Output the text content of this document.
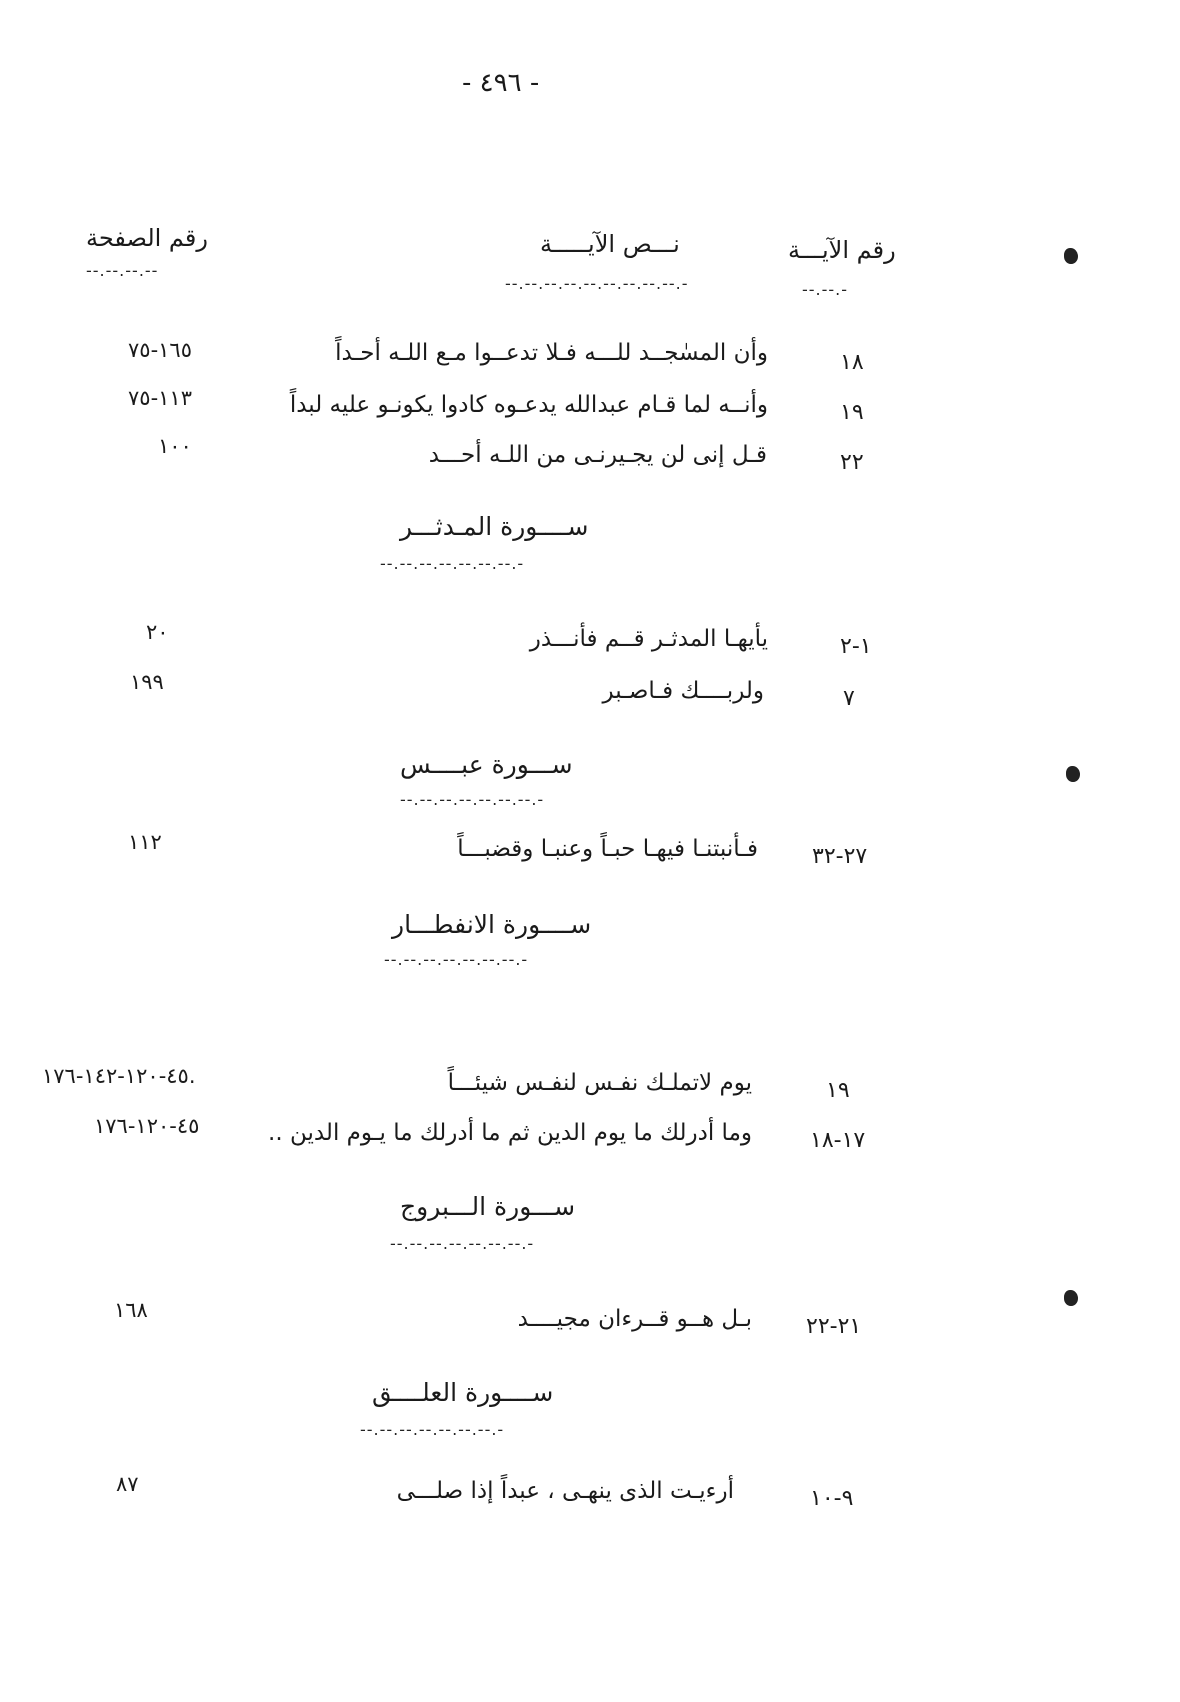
- ٤٩٦ -
رقم الصفحة
--.--.--.--
نـــص الآيـــــة
--.--.--.--.--.--.--.--.--.-
رقم الآيـــة
--.--.-
١٦٥-٧٥	وأن المسٰجــد للـــه فـلا تدعــوا مـع اللـه أحـداً	١٨
١١٣-٧٥	وأنــه لما قـام عبدالله يدعـوه كادوا يكونـو عليه لبداً	١٩
١٠٠	قـل إنى لن يجـيرنـى من اللـه أحـــد	٢٢
ســــورة المـدثـــر
--.--.--.--.--.--.--.-
٢٠	يأيهـا المدثـر قــم فأنـــذر	١-٢
١٩٩	ولربــــك فـاصـبر	٧
ســـورة عبــــس
--.--.--.--.--.--.--.-
١١٢	فـأنبتنـا فيهـا حبـاً وعنبـا وقضبـــاً ٢٧-٣٢
ســــورة الانفطـــار
--.--.--.--.--.--.--.-
٤٥-١٢٠-١٤٢-١٧٦.	يوم لاتملـك نفـس لنفـس شيئـــاً	١٩
٤٥-١٢٠-١٧٦	وما أدرلك ما يوم الدين ثم ما أدرلك ما يـوم الدين ..	١٧-١٨
ســـورة الـــبروج
--.--.--.--.--.--.--.-
١٦٨	بـل هــو قــرءان مجيــــد ٢١-٢٢
ســــورة العلــــق
--.--.--.--.--.--.--.-
٨٧	أرءيـت الذى ينهـى ، عبداً إذا صلـــى	٩-١٠
